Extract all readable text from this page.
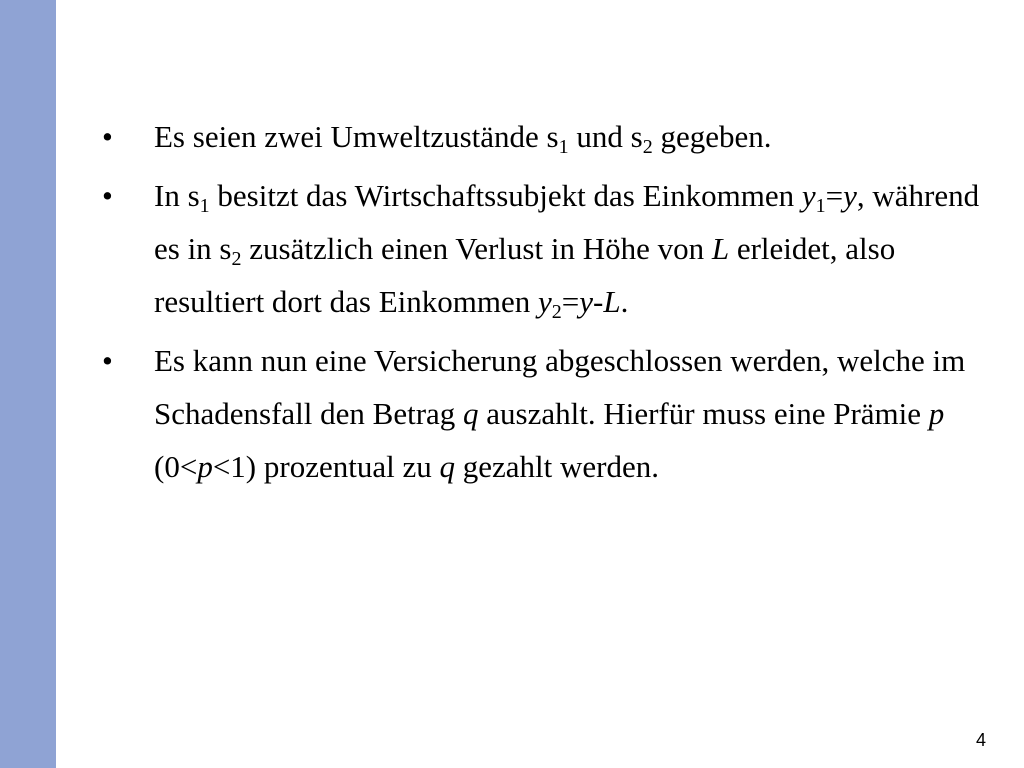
•	Es seien zwei Umweltzustände $s_1$ und $s_2$ gegeben.
•	In $s_1$ besitzt das Wirtschaftssubjekt das Einkommen $y_1=y$, während es in $s_2$ zusätzlich einen Verlust in Höhe von L erleidet, also resultiert dort das Einkommen $y_2=y-L$.
•	Es kann nun eine Versicherung abgeschlossen werden, welche im Schadensfall den Betrag q auszahlt. Hierfür muss eine Prämie p (0<p<1) prozentual zu q gezahlt werden.
4
